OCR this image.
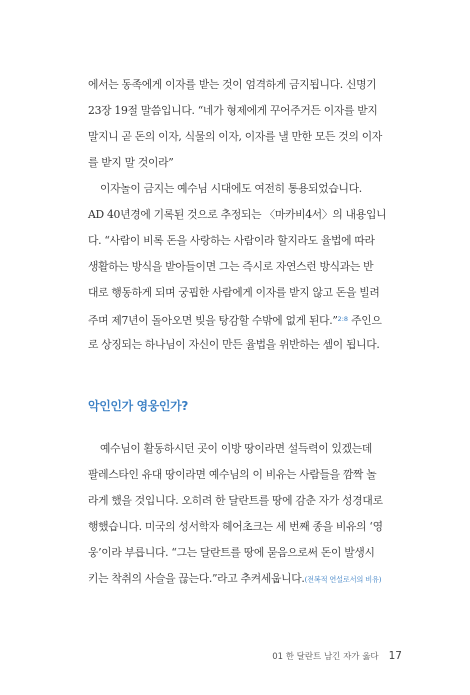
에서는 동족에게 이자를 받는 것이 엄격하게 금지됩니다. 신명기
23장 19절 말씀입니다. “네가 형제에게 꾸어주거든 이자를 받지
말지니 곧 돈의 이자, 식물의 이자, 이자를 낼 만한 모든 것의 이자
를 받지 말 것이라”
이자놀이 금지는 예수님 시대에도 여전히 통용되었습니다.
AD 40년경에 기록된 것으로 추정되는 〈마카비4서〉의 내용입니
다. “사람이 비록 돈을 사랑하는 사람이라 할지라도 율법에 따라
생활하는 방식을 받아들이면 그는 즉시로 자연스런 방식과는 반
대로 행동하게 되며 궁핍한 사람에게 이자를 받지 않고 돈을 빌려
주며 제7년이 돌아오면 빚을 탕감할 수밖에 없게 된다.”$^{2:8}$ 주인으
로 상징되는 하나님이 자신이 만든 율법을 위반하는 셈이 됩니다.
악인인가 영웅인가?
예수님이 활동하시던 곳이 이방 땅이라면 설득력이 있겠는데
팔레스타인 유대 땅이라면 예수님의 이 비유는 사람들을 깜짝 놀
라게 했을 것입니다. 오히려 한 달란트를 땅에 감춘 자가 성경대로
행했습니다. 미국의 성서학자 헤어초크는 세 번째 종을 비유의 ‘영
웅’이라 부릅니다. “그는 달란트를 땅에 묻음으로써 돈이 발생시
키는 착취의 사슬을 끊는다.”라고 추켜세웁니다.(전복적 연설로서의 비유)
01 한 달란트 남긴 자가 옳다 17
